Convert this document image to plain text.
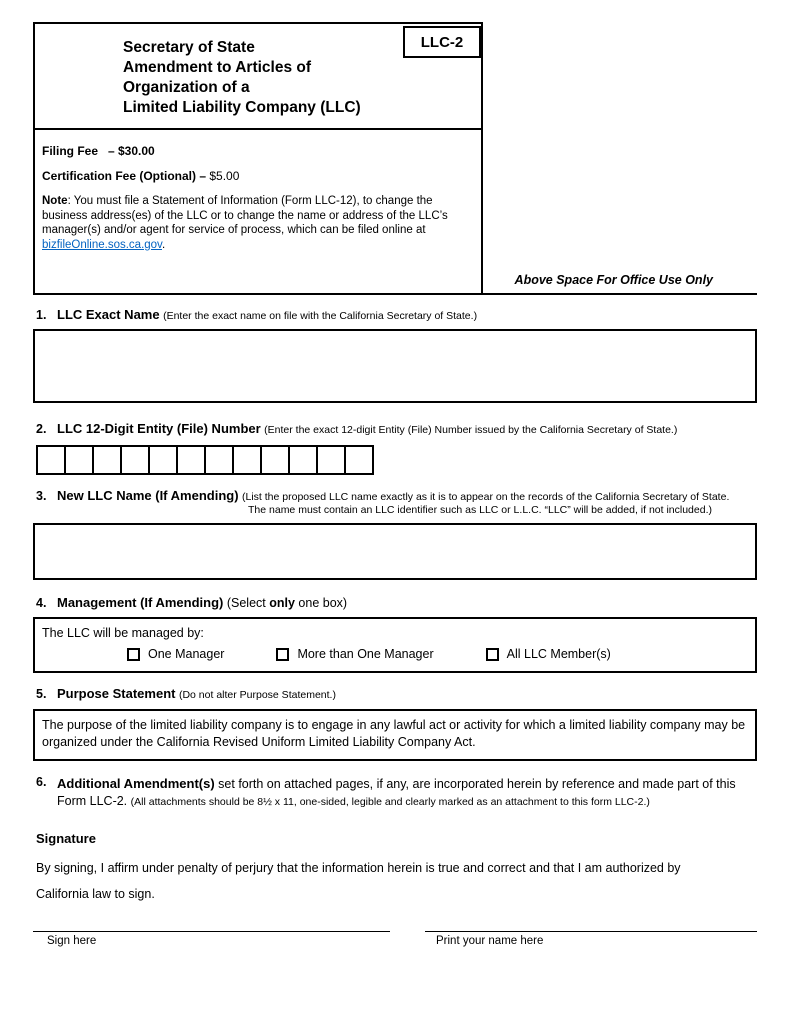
Secretary of State
Amendment to Articles of
Organization of a
Limited Liability Company (LLC)
LLC-2

Filing Fee – $30.00

Certification Fee (Optional) – $5.00

Note: You must file a Statement of Information (Form LLC-12), to change the business address(es) of the LLC or to change the name or address of the LLC’s manager(s) and/or agent for service of process, which can be filed online at bizfileOnline.sos.ca.gov.

Above Space For Office Use Only
1. LLC Exact Name (Enter the exact name on file with the California Secretary of State.)
2. LLC 12-Digit Entity (File) Number (Enter the exact 12-digit Entity (File) Number issued by the California Secretary of State.)
3. New LLC Name (If Amending) (List the proposed LLC name exactly as it is to appear on the records of the California Secretary of State.
The name must contain an LLC identifier such as LLC or L.L.C. “LLC” will be added, if not included.)
4. Management (If Amending) (Select only one box)
The LLC will be managed by:
One Manager	More than One Manager	All LLC Member(s)
5. Purpose Statement (Do not alter Purpose Statement.)
The purpose of the limited liability company is to engage in any lawful act or activity for which a limited liability company may be organized under the California Revised Uniform Limited Liability Company Act.
6. Additional Amendment(s) set forth on attached pages, if any, are incorporated herein by reference and made part of this Form LLC-2. (All attachments should be 8½ x 11, one-sided, legible and clearly marked as an attachment to this form LLC-2.)
Signature
By signing, I affirm under penalty of perjury that the information herein is true and correct and that I am authorized by
California law to sign.
Sign here	Print your name here
